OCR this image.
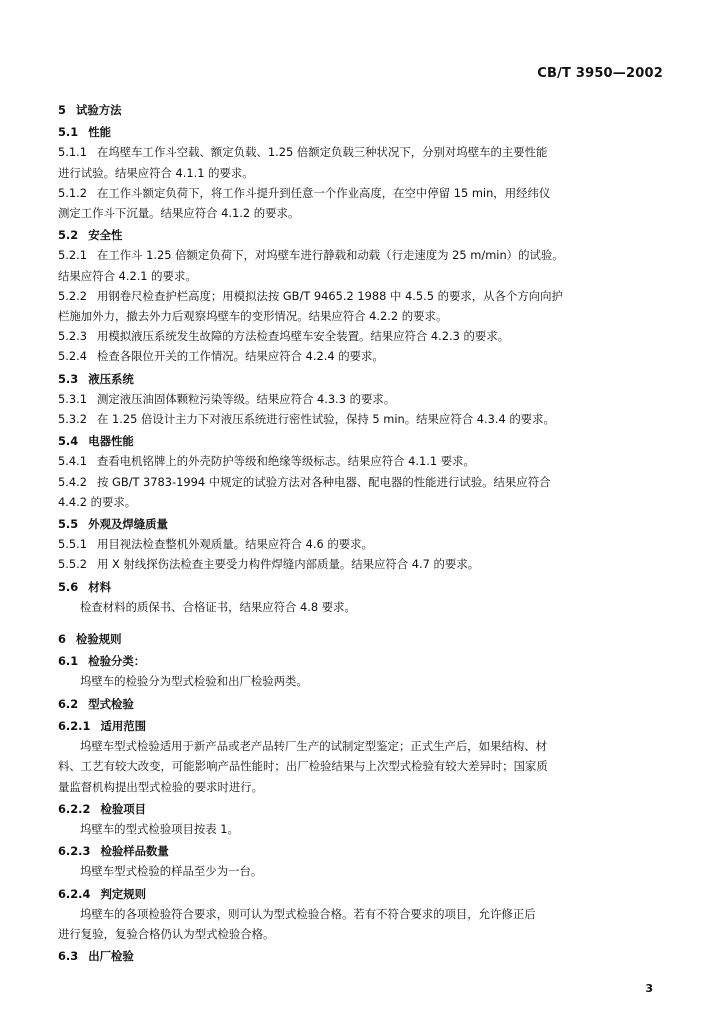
CB/T 3950—2002
5 试验方法
5.1 性能
5.1.1 在坞壁车工作斗空载、额定负载、1.25 倍额定负载三种状况下，分别对坞壁车的主要性能
进行试验。结果应符合 4.1.1 的要求。
5.1.2 在工作斗额定负荷下，将工作斗提升到任意一个作业高度，在空中停留 15 min，用经纬仪
测定工作斗下沉量。结果应符合 4.1.2 的要求。
5.2 安全性
5.2.1 在工作斗 1.25 倍额定负荷下，对坞壁车进行静载和动载（行走速度为 25 m/min）的试验。
结果应符合 4.2.1 的要求。
5.2.2 用钢卷尺检查护栏高度；用模拟法按 GB/T 9465.2 1988 中 4.5.5 的要求，从各个方向向护
栏施加外力，撤去外力后观察坞壁车的变形情况。结果应符合 4.2.2 的要求。
5.2.3 用模拟液压系统发生故障的方法检查坞壁车安全装置。结果应符合 4.2.3 的要求。
5.2.4 检查各限位开关的工作情况。结果应符合 4.2.4 的要求。
5.3 液压系统
5.3.1 测定液压油固体颗粒污染等级。结果应符合 4.3.3 的要求。
5.3.2 在 1.25 倍设计主力下对液压系统进行密性试验，保持 5 min。结果应符合 4.3.4 的要求。
5.4 电器性能
5.4.1 查看电机铭牌上的外壳防护等级和绝缘等级标志。结果应符合 4.1.1 要求。
5.4.2 按 GB/T 3783-1994 中规定的试验方法对各种电器、配电器的性能进行试验。结果应符合
4.4.2 的要求。
5.5 外观及焊缝质量
5.5.1 用目视法检查整机外观质量。结果应符合 4.6 的要求。
5.5.2 用 X 射线探伤法检查主要受力构件焊缝内部质量。结果应符合 4.7 的要求。
5.6 材料
检查材料的质保书、合格证书，结果应符合 4.8 要求。
6 检验规则
6.1 检验分类：
坞壁车的检验分为型式检验和出厂检验两类。
6.2 型式检验
6.2.1 适用范围
坞壁车型式检验适用于新产品或老产品转厂生产的试制定型鉴定；正式生产后，如果结构、材
料、工艺有较大改变，可能影响产品性能时；出厂检验结果与上次型式检验有较大差异时；国家质
量监督机构提出型式检验的要求时进行。
6.2.2 检验项目
坞壁车的型式检验项目按表 1。
6.2.3 检验样品数量
坞壁车型式检验的样品至少为一台。
6.2.4 判定规则
坞壁车的各项检验符合要求，则可认为型式检验合格。若有不符合要求的项目，允许修正后
进行复验，复验合格仍认为型式检验合格。
6.3 出厂检验
3
